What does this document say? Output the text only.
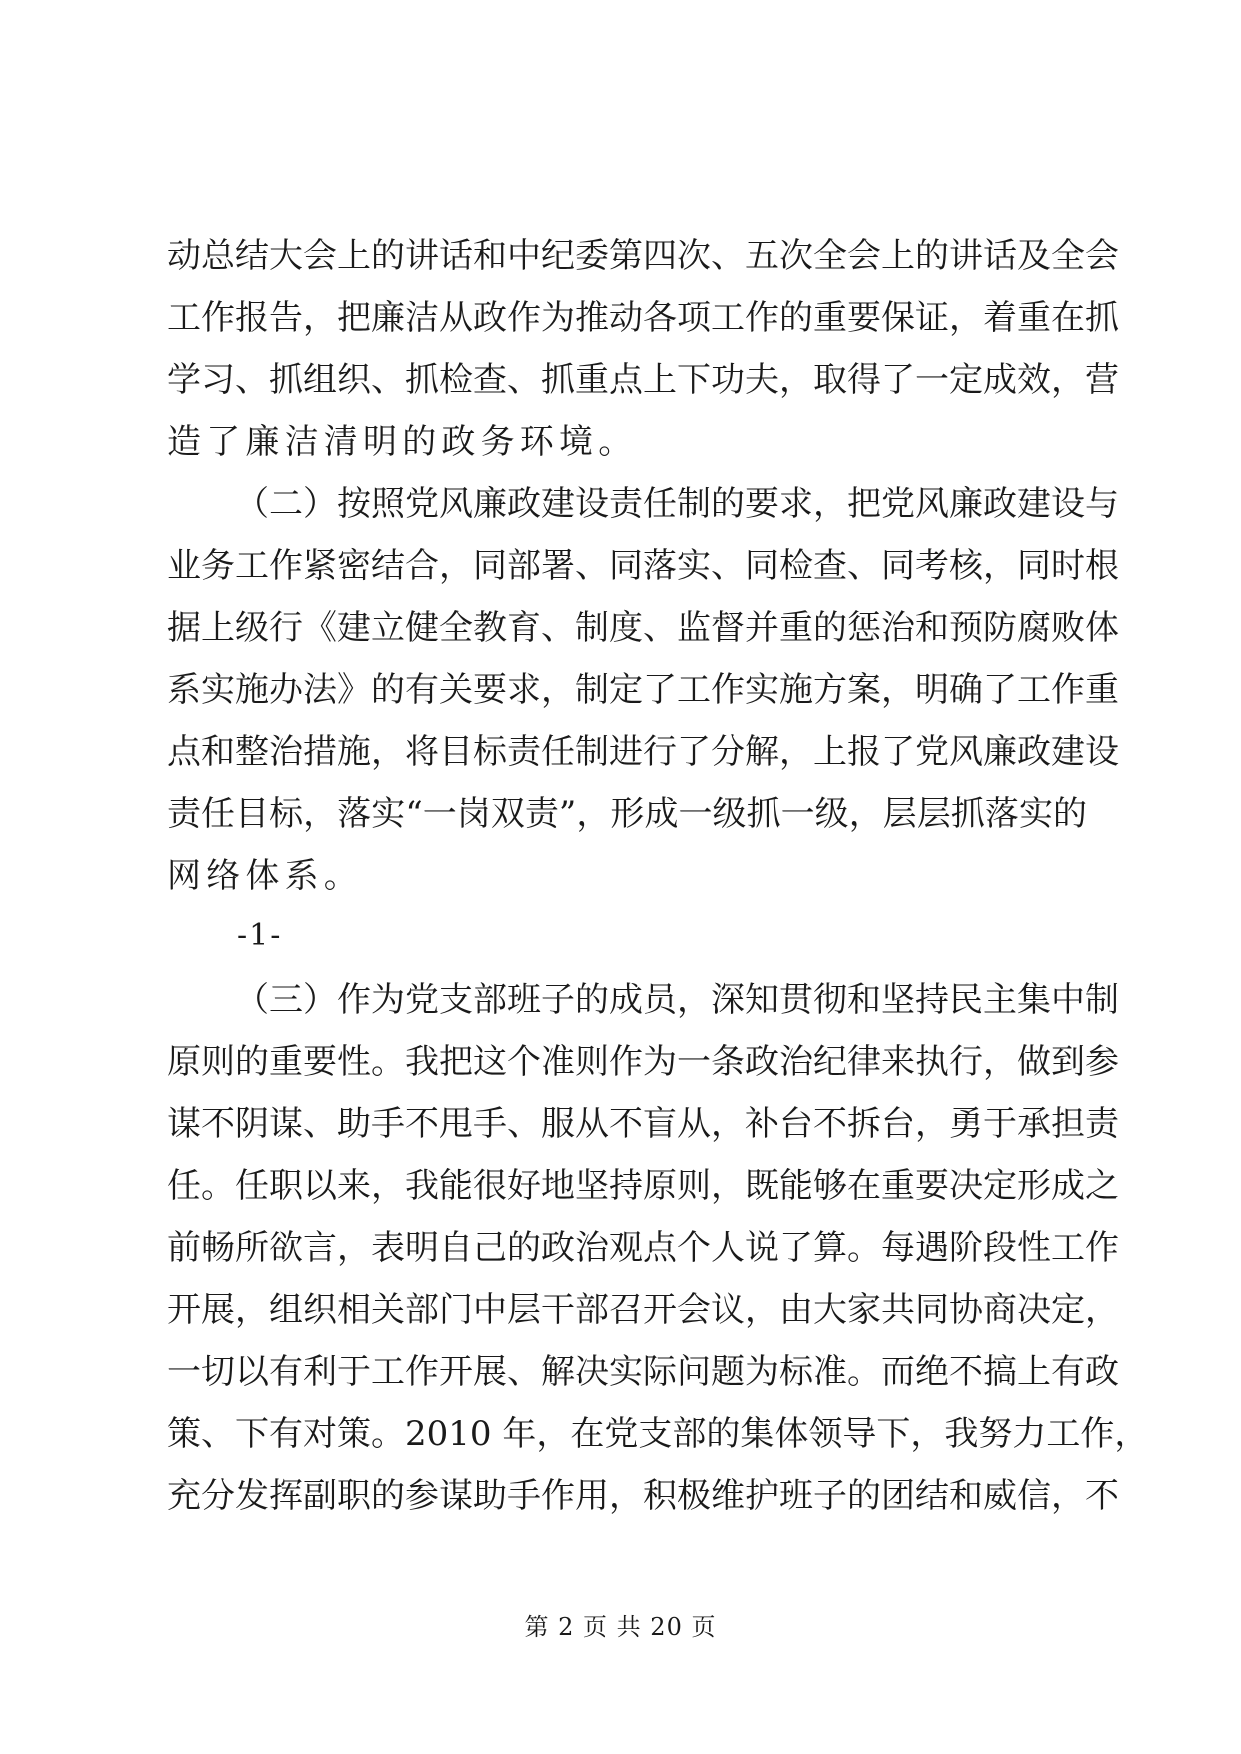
动总结大会上的讲话和中纪委第四次、五次全会上的讲话及全会
工作报告，把廉洁从政作为推动各项工作的重要保证，着重在抓
学习、抓组织、抓检查、抓重点上下功夫，取得了一定成效，营
造了廉洁清明的政务环境。
（二）按照党风廉政建设责任制的要求，把党风廉政建设与
业务工作紧密结合，同部署、同落实、同检查、同考核，同时根
据上级行《建立健全教育、制度、监督并重的惩治和预防腐败体
系实施办法》的有关要求，制定了工作实施方案，明确了工作重
点和整治措施，将目标责任制进行了分解，上报了党风廉政建设
责任目标，落实“一岗双责”，形成一级抓一级，层层抓落实的
网络体系。
-1-
（三）作为党支部班子的成员，深知贯彻和坚持民主集中制
原则的重要性。我把这个准则作为一条政治纪律来执行，做到参
谋不阴谋、助手不甩手、服从不盲从，补台不拆台，勇于承担责
任。任职以来，我能很好地坚持原则，既能够在重要决定形成之
前畅所欲言，表明自己的政治观点个人说了算。每遇阶段性工作
开展，组织相关部门中层干部召开会议，由大家共同协商决定，
一切以有利于工作开展、解决实际问题为标准。而绝不搞上有政
策、下有对策。2010 年，在党支部的集体领导下，我努力工作，
充分发挥副职的参谋助手作用，积极维护班子的团结和威信，不
第 2 页 共 20 页
